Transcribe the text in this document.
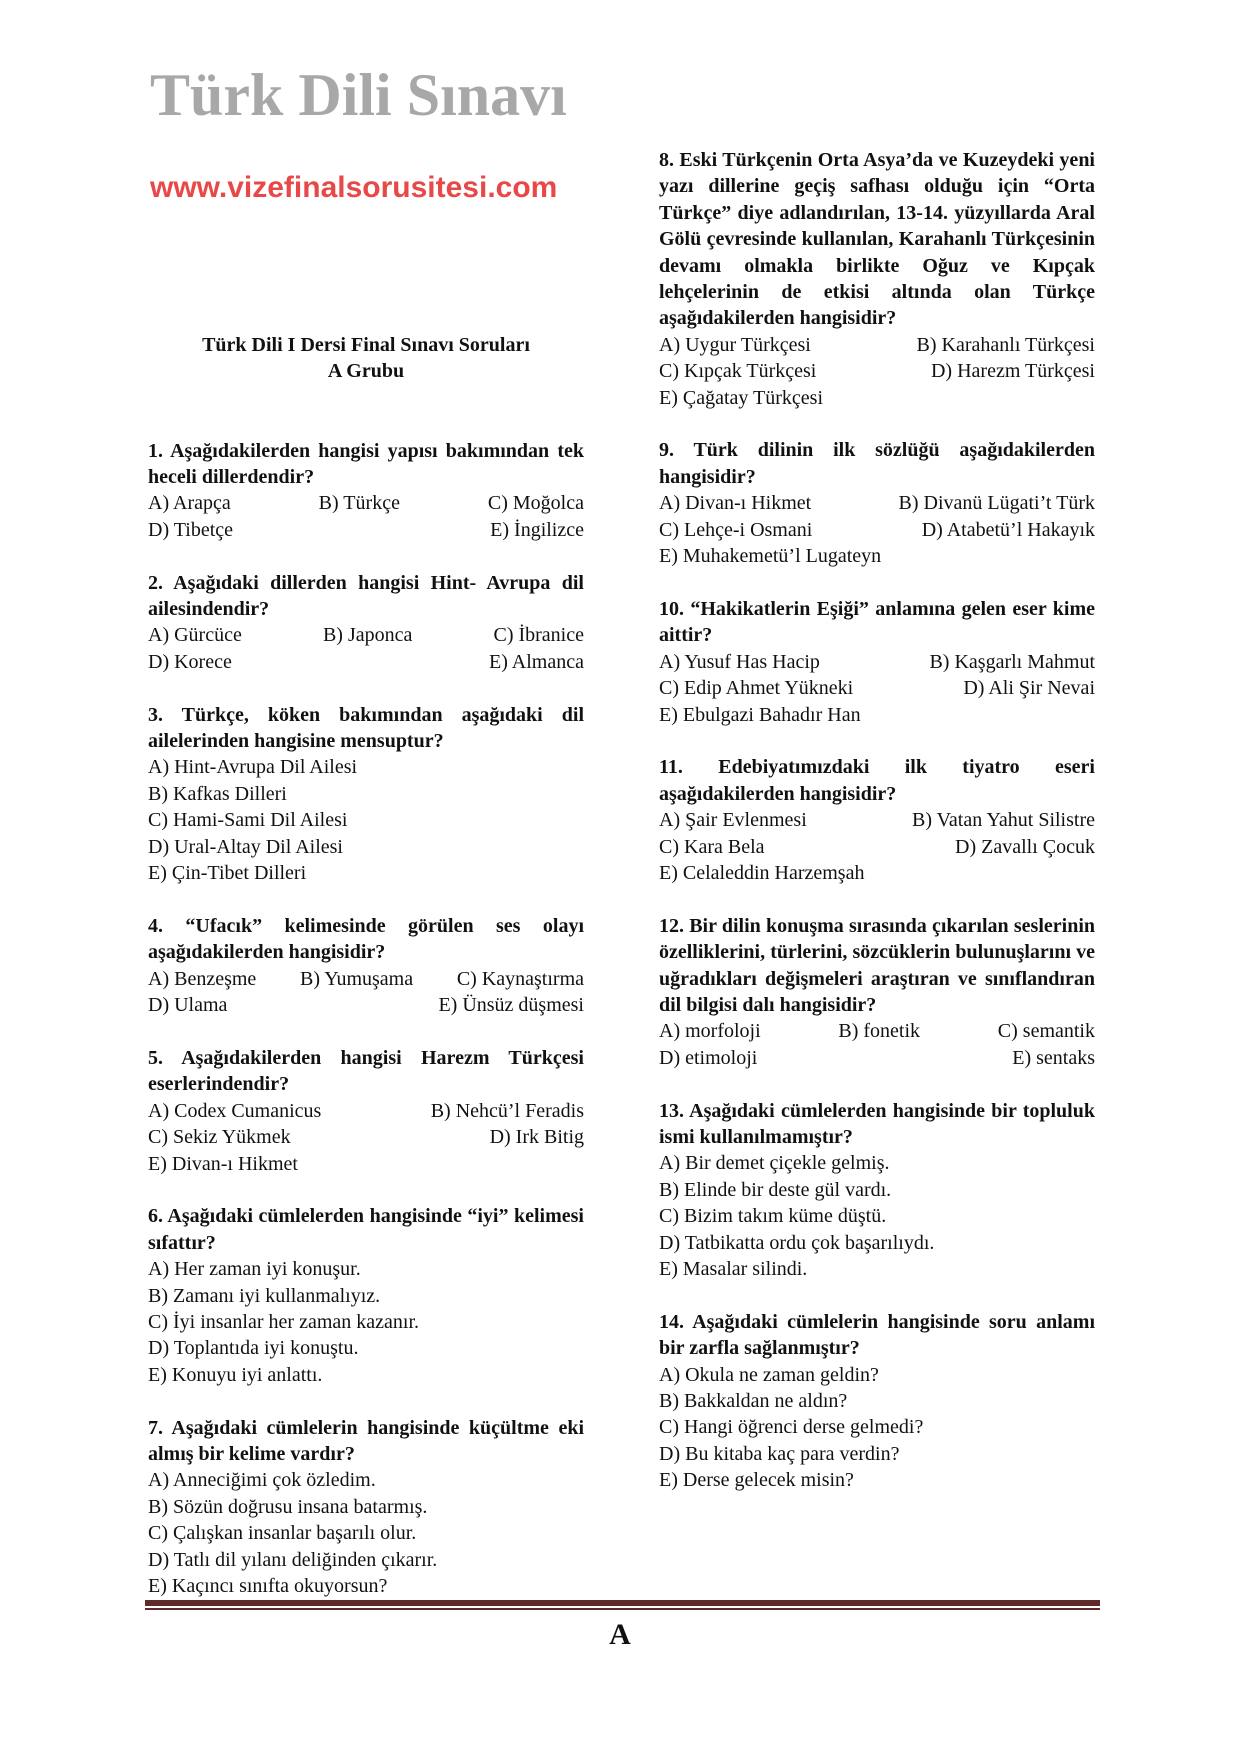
Türk Dili Sınavı
www.vizefinalsorusitesi.com
Türk Dili I Dersi Final Sınavı Soruları
A Grubu
1. Aşağıdakilerden hangisi yapısı bakımından tek heceli dillerdendir?
A) Arapça	B) Türkçe	C) Moğolca
D) Tibetçe	E) İngilizce
2. Aşağıdaki dillerden hangisi Hint- Avrupa dil ailesindendir?
A) Gürcüce	B) Japonca	C) İbranice
D) Korece	E) Almanca
3. Türkçe, köken bakımından aşağıdaki dil ailelerinden hangisine mensuptur?
A) Hint-Avrupa Dil Ailesi
B) Kafkas Dilleri
C) Hami-Sami Dil Ailesi
D) Ural-Altay Dil Ailesi
E) Çin-Tibet Dilleri
4. “Ufacık” kelimesinde görülen ses olayı aşağıdakilerden hangisidir?
A) Benzeşme B) Yumuşama C) Kaynaştırma
D) Ulama	E) Ünsüz düşmesi
5. Aşağıdakilerden hangisi Harezm Türkçesi eserlerindendir?
A) Codex Cumanicus	B) Nehcü’l Feradis
C) Sekiz Yükmek	D) Irk Bitig
E) Divan-ı Hikmet
6. Aşağıdaki cümlelerden hangisinde “iyi” kelimesi sıfattır?
A) Her zaman iyi konuşur.
B) Zamanı iyi kullanmalıyız.
C) İyi insanlar her zaman kazanır.
D) Toplantıda iyi konuştu.
E) Konuyu iyi anlattı.
7. Aşağıdaki cümlelerin hangisinde küçültme eki almış bir kelime vardır?
A) Anneciğimi çok özledim.
B) Sözün doğrusu insana batarmış.
C) Çalışkan insanlar başarılı olur.
D) Tatlı dil yılanı deliğinden çıkarır.
E) Kaçıncı sınıfta okuyorsun?
8. Eski Türkçenin Orta Asya’da ve Kuzeydeki yeni yazı dillerine geçiş safhası olduğu için “Orta Türkçe” diye adlandırılan, 13-14. yüzyıllarda Aral Gölü çevresinde kullanılan, Karahanlı Türkçesinin devamı olmakla birlikte Oğuz ve Kıpçak lehçelerinin de etkisi altında olan Türkçe aşağıdakilerden hangisidir?
A) Uygur Türkçesi	B) Karahanlı Türkçesi
C) Kıpçak Türkçesi	D) Harezm Türkçesi
E) Çağatay Türkçesi
9. Türk dilinin ilk sözlüğü aşağıdakilerden hangisidir?
A) Divan-ı Hikmet	B) Divanü Lügati’t Türk
C) Lehçe-i Osmani	D) Atabetü’l Hakayık
E) Muhakemetü’l Lugateyn
10. “Hakikatlerin Eşiği” anlamına gelen eser kime aittir?
A) Yusuf Has Hacip	B) Kaşgarlı Mahmut
C) Edip Ahmet Yükneki	D) Ali Şir Nevai
E) Ebulgazi Bahadır Han
11. Edebiyatımızdaki ilk tiyatro eseri aşağıdakilerden hangisidir?
A) Şair Evlenmesi	B) Vatan Yahut Silistre
C) Kara Bela	D) Zavallı Çocuk
E) Celaleddin Harzemşah
12. Bir dilin konuşma sırasında çıkarılan seslerinin özelliklerini, türlerini, sözcüklerin bulunuşlarını ve uğradıkları değişmeleri araştıran ve sınıflandıran dil bilgisi dalı hangisidir?
A) morfoloji	B) fonetik	C) semantik
D) etimoloji	E) sentaks
13. Aşağıdaki cümlelerden hangisinde bir topluluk ismi kullanılmamıştır?
A) Bir demet çiçekle gelmiş.
B) Elinde bir deste gül vardı.
C) Bizim takım küme düştü.
D) Tatbikatta ordu çok başarılıydı.
E) Masalar silindi.
14. Aşağıdaki cümlelerin hangisinde soru anlamı bir zarfla sağlanmıştır?
A) Okula ne zaman geldin?
B) Bakkaldan ne aldın?
C) Hangi öğrenci derse gelmedi?
D) Bu kitaba kaç para verdin?
E) Derse gelecek misin?
A
